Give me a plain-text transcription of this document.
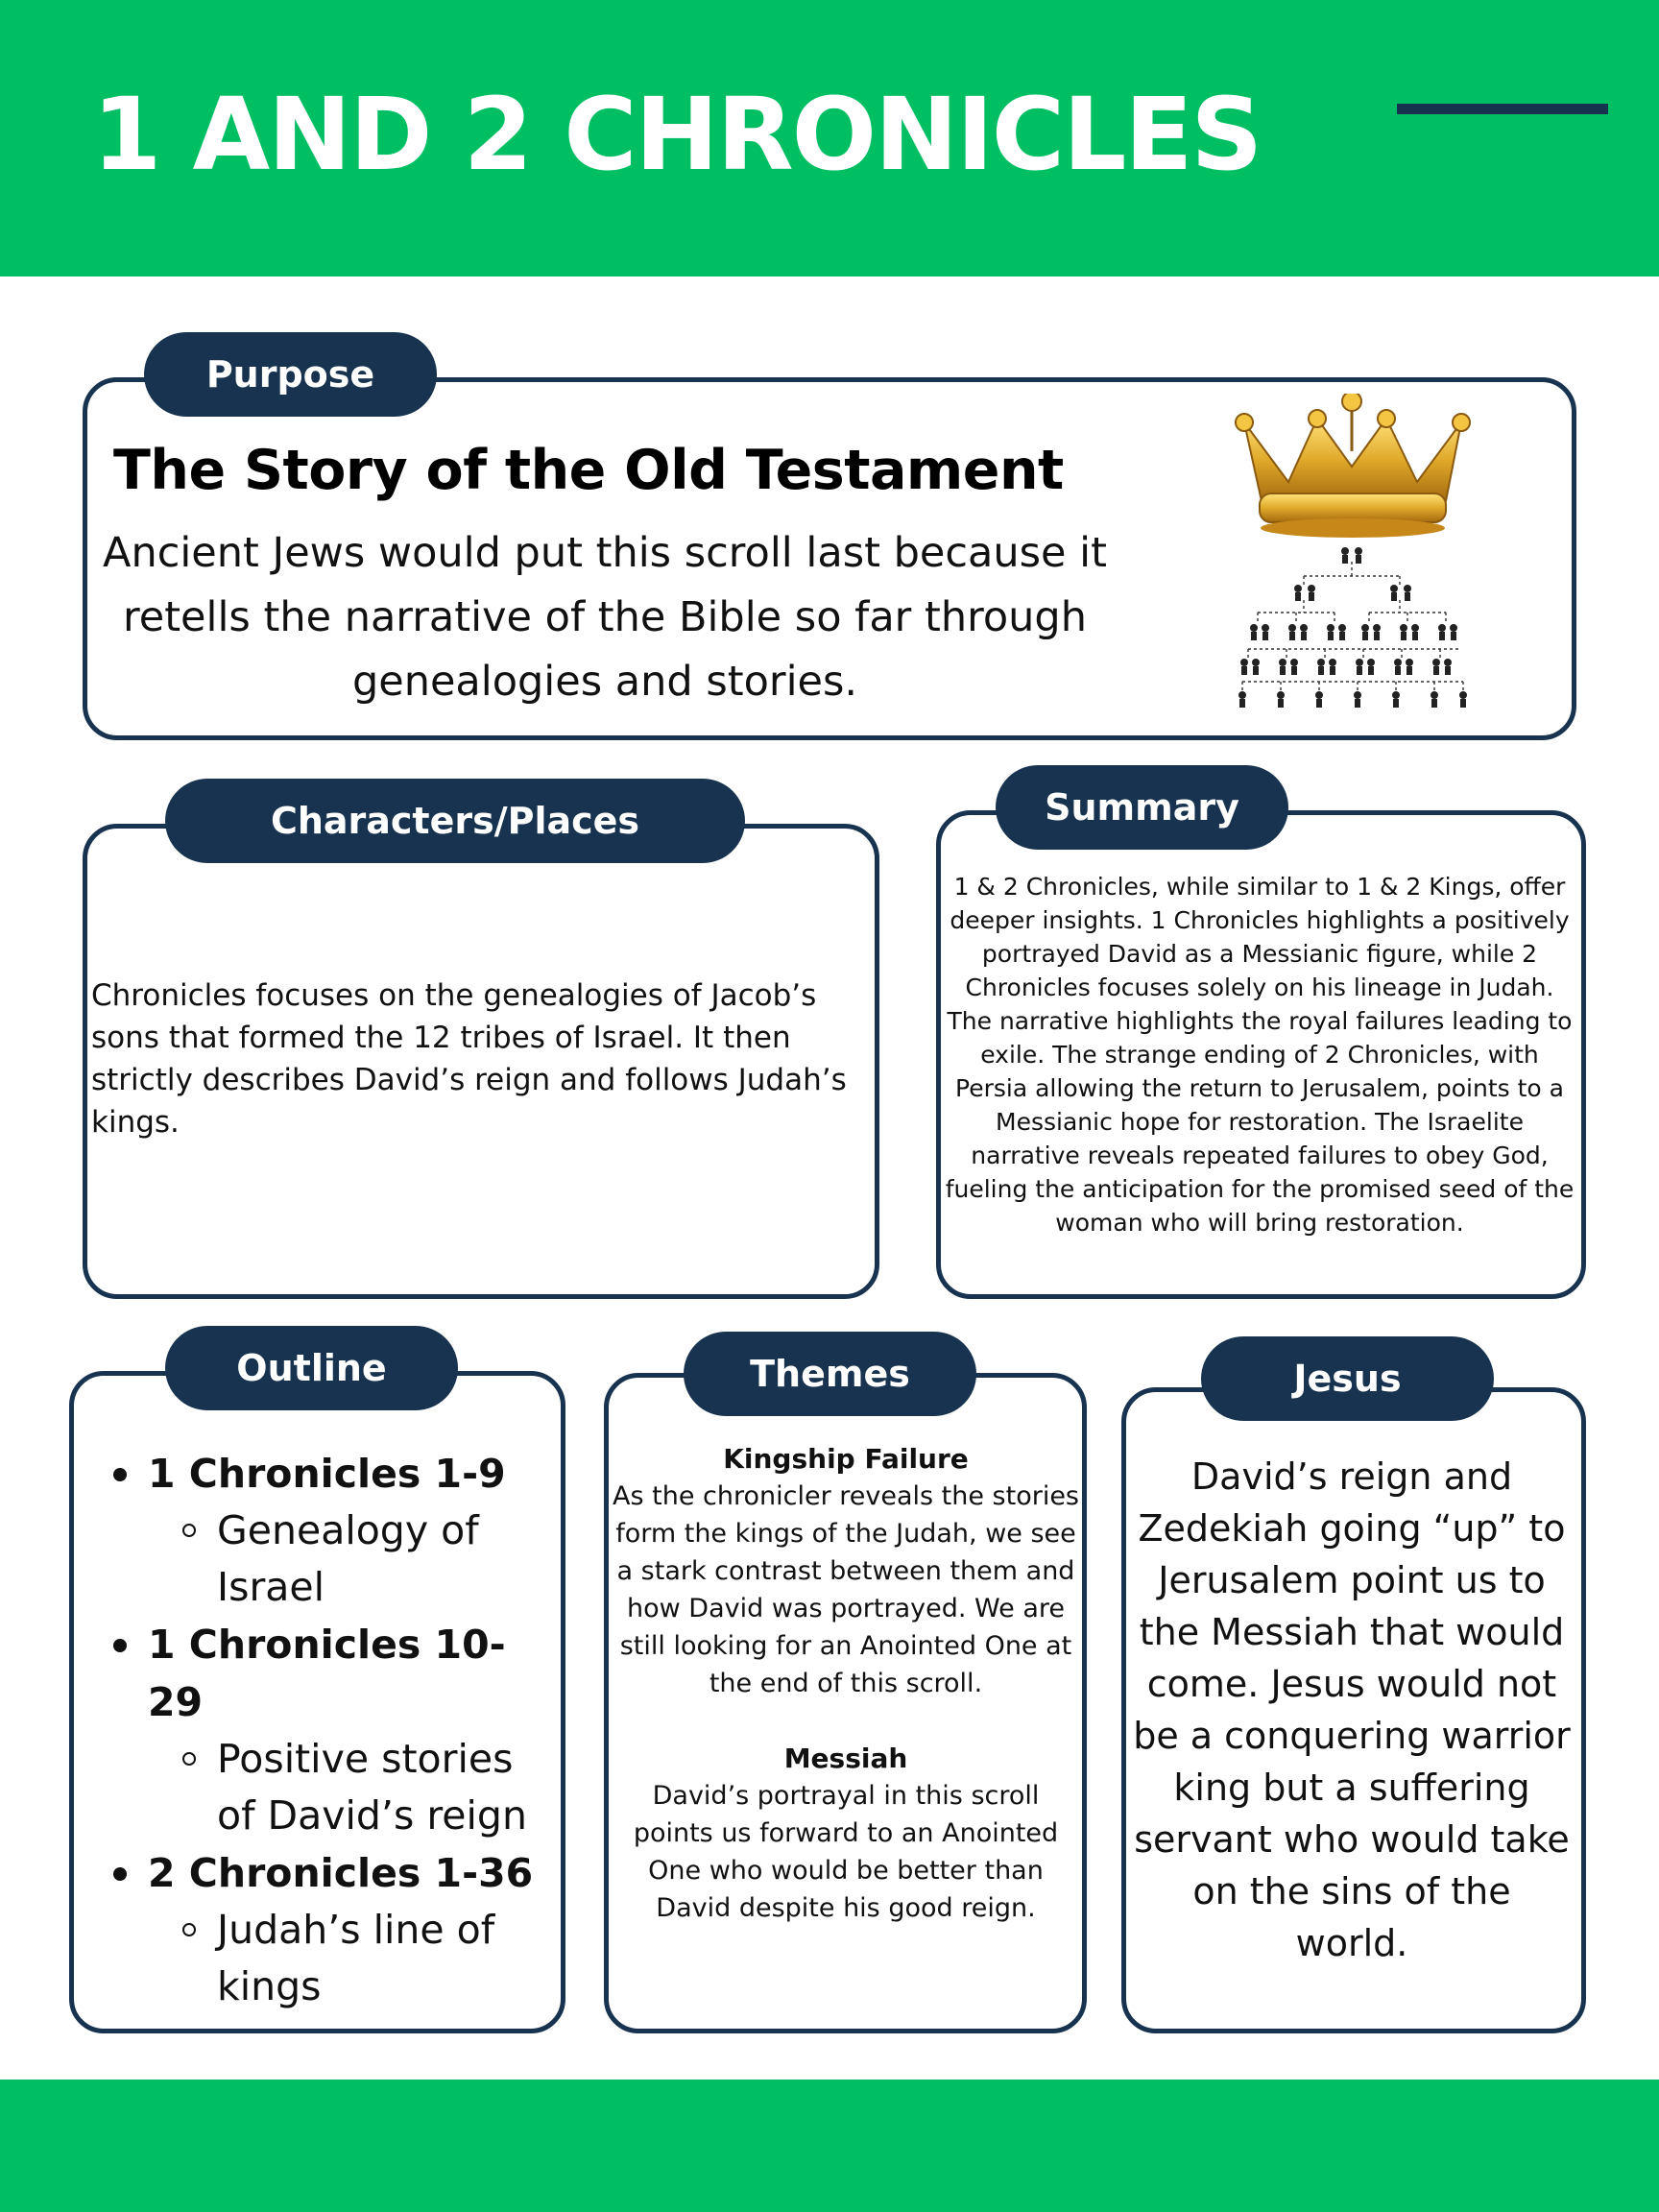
1 AND 2 CHRONICLES
Purpose
The Story of the Old Testament

Ancient Jews would put this scroll last because it retells the narrative of the Bible so far through genealogies and stories.

Characters/Places

Chronicles focuses on the genealogies of Jacob’s sons that formed the 12 tribes of Israel. It then strictly describes David’s reign and follows Judah’s kings.

Summary

1 & 2 Chronicles, while similar to 1 & 2 Kings, offer deeper insights. 1 Chronicles highlights a positively portrayed David as a Messianic figure, while 2 Chronicles focuses solely on his lineage in Judah. The narrative highlights the royal failures leading to exile. The strange ending of 2 Chronicles, with Persia allowing the return to Jerusalem, points to a Messianic hope for restoration. The Israelite narrative reveals repeated failures to obey God, fueling the anticipation for the promised seed of the woman who will bring restoration.

Outline
1 Chronicles 1-9
Genealogy of Israel
1 Chronicles 10-29
Positive stories of David’s reign
2 Chronicles 1-36
Judah’s line of kings
Themes

Kingship Failure

As the chronicler reveals the stories form the kings of the Judah, we see a stark contrast between them and how David was portrayed. We are still looking for an Anointed One at the end of this scroll.

Messiah

David’s portrayal in this scroll points us forward to an Anointed One who would be better than David despite his good reign.

Jesus

David’s reign and Zedekiah going “up” to Jerusalem point us to the Messiah that would come. Jesus would not be a conquering warrior king but a suffering servant who would take on the sins of the world.
